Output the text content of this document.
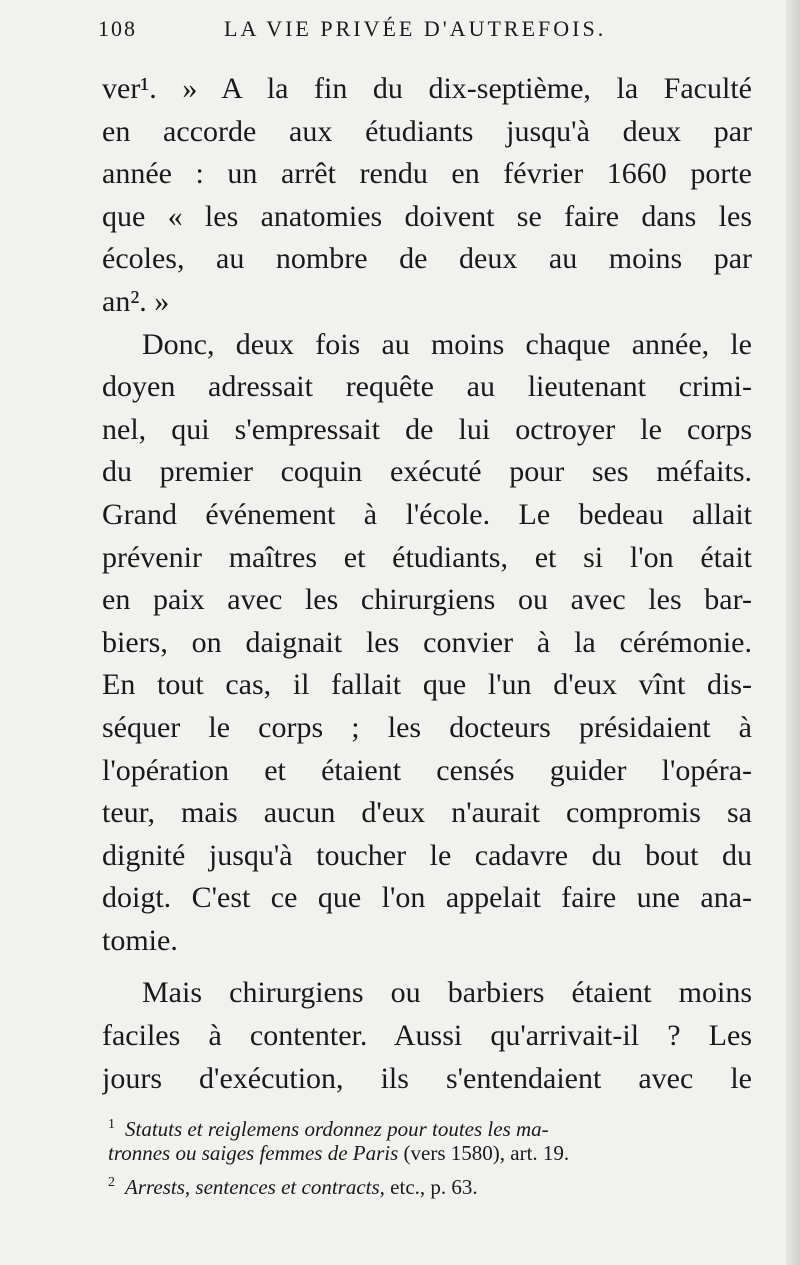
108	LA VIE PRIVÉE D'AUTREFOIS.
ver¹. » A la fin du dix-septième, la Faculté
en accorde aux étudiants jusqu'à deux par
année : un arrêt rendu en février 1660 porte
que « les anatomies doivent se faire dans les
écoles, au nombre de deux au moins par
an². »
Donc, deux fois au moins chaque année, le
doyen adressait requête au lieutenant crimi-
nel, qui s'empressait de lui octroyer le corps
du premier coquin exécuté pour ses méfaits.
Grand événement à l'école. Le bedeau allait
prévenir maîtres et étudiants, et si l'on était
en paix avec les chirurgiens ou avec les bar-
biers, on daignait les convier à la cérémonie.
En tout cas, il fallait que l'un d'eux vînt dis-
séquer le corps ; les docteurs présidaient à
l'opération et étaient censés guider l'opéra-
teur, mais aucun d'eux n'aurait compromis sa
dignité jusqu'à toucher le cadavre du bout du
doigt. C'est ce que l'on appelait faire une ana-
tomie.
Mais chirurgiens ou barbiers étaient moins
faciles à contenter. Aussi qu'arrivait-il ? Les
jours d'exécution, ils s'entendaient avec le
$^1$ Statuts et reiglemens ordonnez pour toutes les ma-
tronnes ou saiges femmes de Paris (vers 1580), art. 19.
$^2$ Arrests, sentences et contracts, etc., p. 63.
